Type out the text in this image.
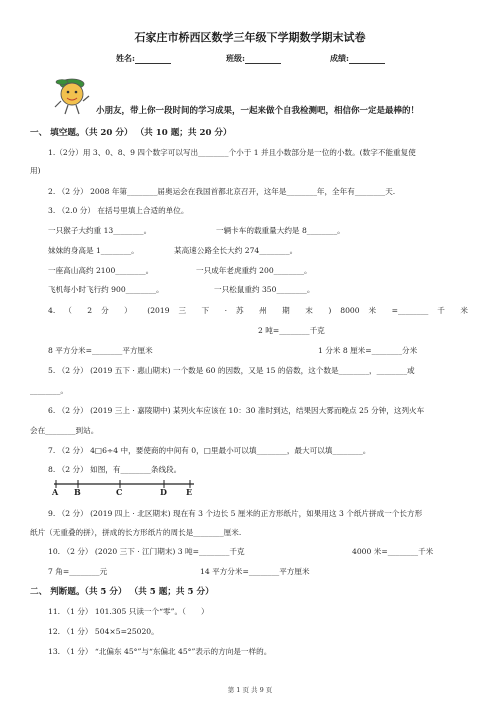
石家庄市桥西区数学三年级下学期数学期末试卷
姓名:	班级:	成绩:
小朋友，带上你一段时间的学习成果，一起来做个自我检测吧，相信你一定是最棒的！
一、 填空题。（共 20 分） （共 10 题；共 20 分）
1.（2分）用 3、0、8、9 四个数字可以写出________个小于 1 并且小数部分是一位的小数。(数字不能重复使
用)
2. （2 分） 2008 年第________届奥运会在我国首都北京召开，这年是________年，全年有________天.
3. （2.0 分） 在括号里填上合适的单位。
一只猴子大约重 13________。	一辆卡车的载重量大约是 8________。
妹妹的身高是 1________。	某高速公路全长大约 274________。
一座高山高约 2100________。	一只成年老虎重约 200________。
飞机每小时飞行约 900________。	一只松鼠重约 350________。
4. （ 2 分 ） (2019 三 下 · 苏 州 期 末 ) 8000 米 =________ 千 米
2 吨=________千克
8 平方分米=________平方厘米	1 分米 8 厘米=________分米
5. （2 分） (2019 五下 · 惠山期末) 一个数是 60 的因数，又是 15 的倍数，这个数是________，________或
________。
6. （2 分） (2019 三上 · 嘉陵期中) 某列火车应该在 10：30 准时到达，结果因大雾而晚点 25 分钟，这列火车
会在________到站。
7. （2 分） 4□6÷4 中，要使商的中间有 0，□里最小可以填________，最大可以填________。
8. （2 分） 如图，有________条线段。
A B	C	D E
9. （2 分） (2019 四上 · 北区期末) 现在有 3 个边长 5 厘米的正方形纸片，如果用这 3 个纸片拼成一个长方形
纸片（无重叠的拼），拼成的长方形纸片的周长是________厘米.
10. （2 分） (2020 三下 · 江门期末) 3 吨=________千克	4000 米=________千米
7 角=________元	14 平方分米=________平方厘米
二、 判断题。（共 5 分） （共 5 题；共 5 分）
11. （1 分） 101.305 只读一个“零”。（　　）
12. （1 分） 504×5=25020。
13. （1 分） “北偏东 45°”与“东偏北 45°”表示的方向是一样的。
第 1 页 共 9 页
